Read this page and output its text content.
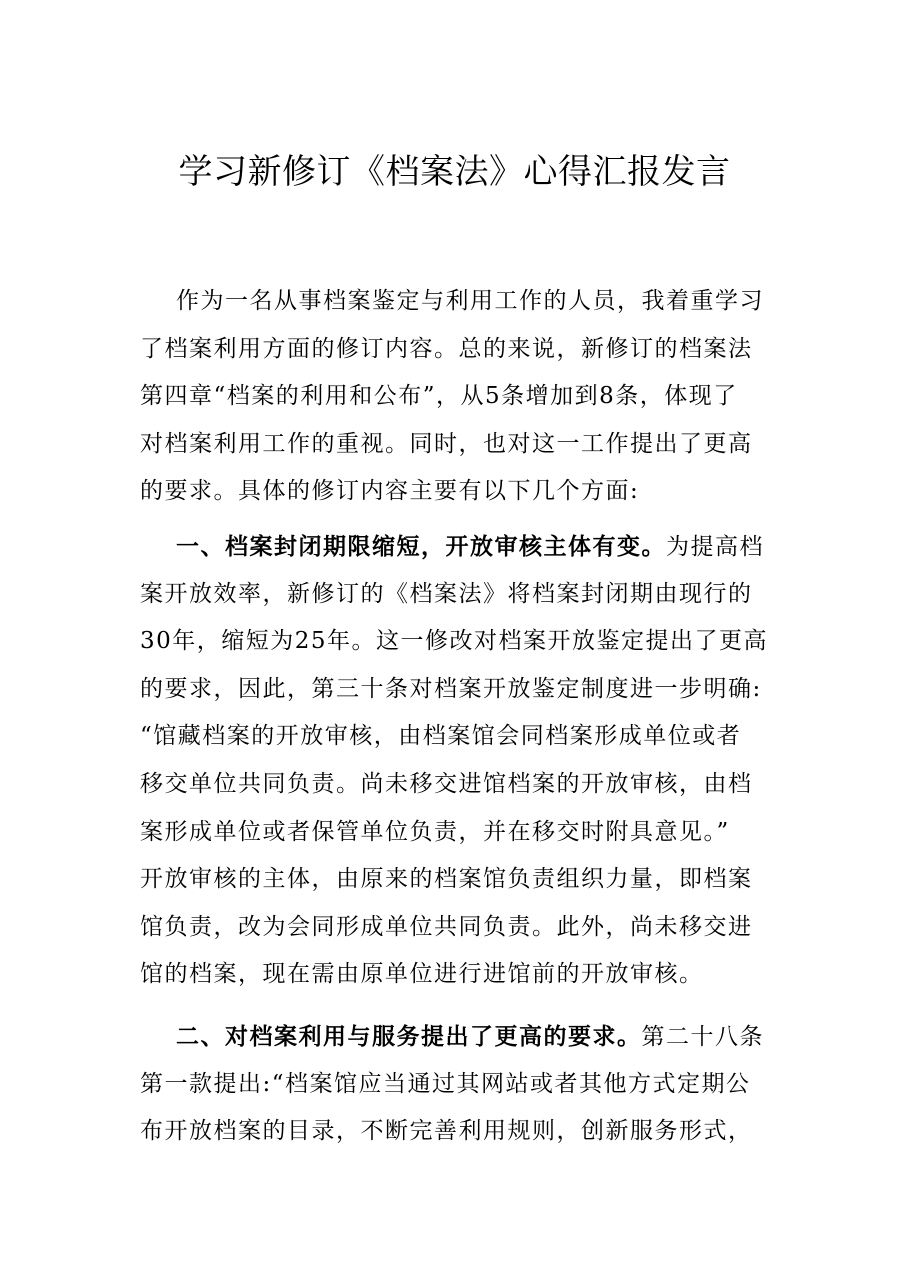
学习新修订《档案法》心得汇报发言
作为一名从事档案鉴定与利用工作的人员，我着重学习
了档案利用方面的修订内容。总的来说，新修订的档案法
第四章“档案的利用和公布”，从5条增加到8条，体现了
对档案利用工作的重视。同时，也对这一工作提出了更高
的要求。具体的修订内容主要有以下几个方面:
一、档案封闭期限缩短，开放审核主体有变。为提高档
案开放效率，新修订的《档案法》将档案封闭期由现行的
30年，缩短为25年。这一修改对档案开放鉴定提出了更高
的要求，因此，第三十条对档案开放鉴定制度进一步明确:
“馆藏档案的开放审核，由档案馆会同档案形成单位或者
移交单位共同负责。尚未移交进馆档案的开放审核，由档
案形成单位或者保管单位负责，并在移交时附具意见。”
开放审核的主体，由原来的档案馆负责组织力量，即档案
馆负责，改为会同形成单位共同负责。此外，尚未移交进
馆的档案，现在需由原单位进行进馆前的开放审核。
二、对档案利用与服务提出了更高的要求。第二十八条
第一款提出:“档案馆应当通过其网站或者其他方式定期公
布开放档案的目录，不断完善利用规则，创新服务形式，
